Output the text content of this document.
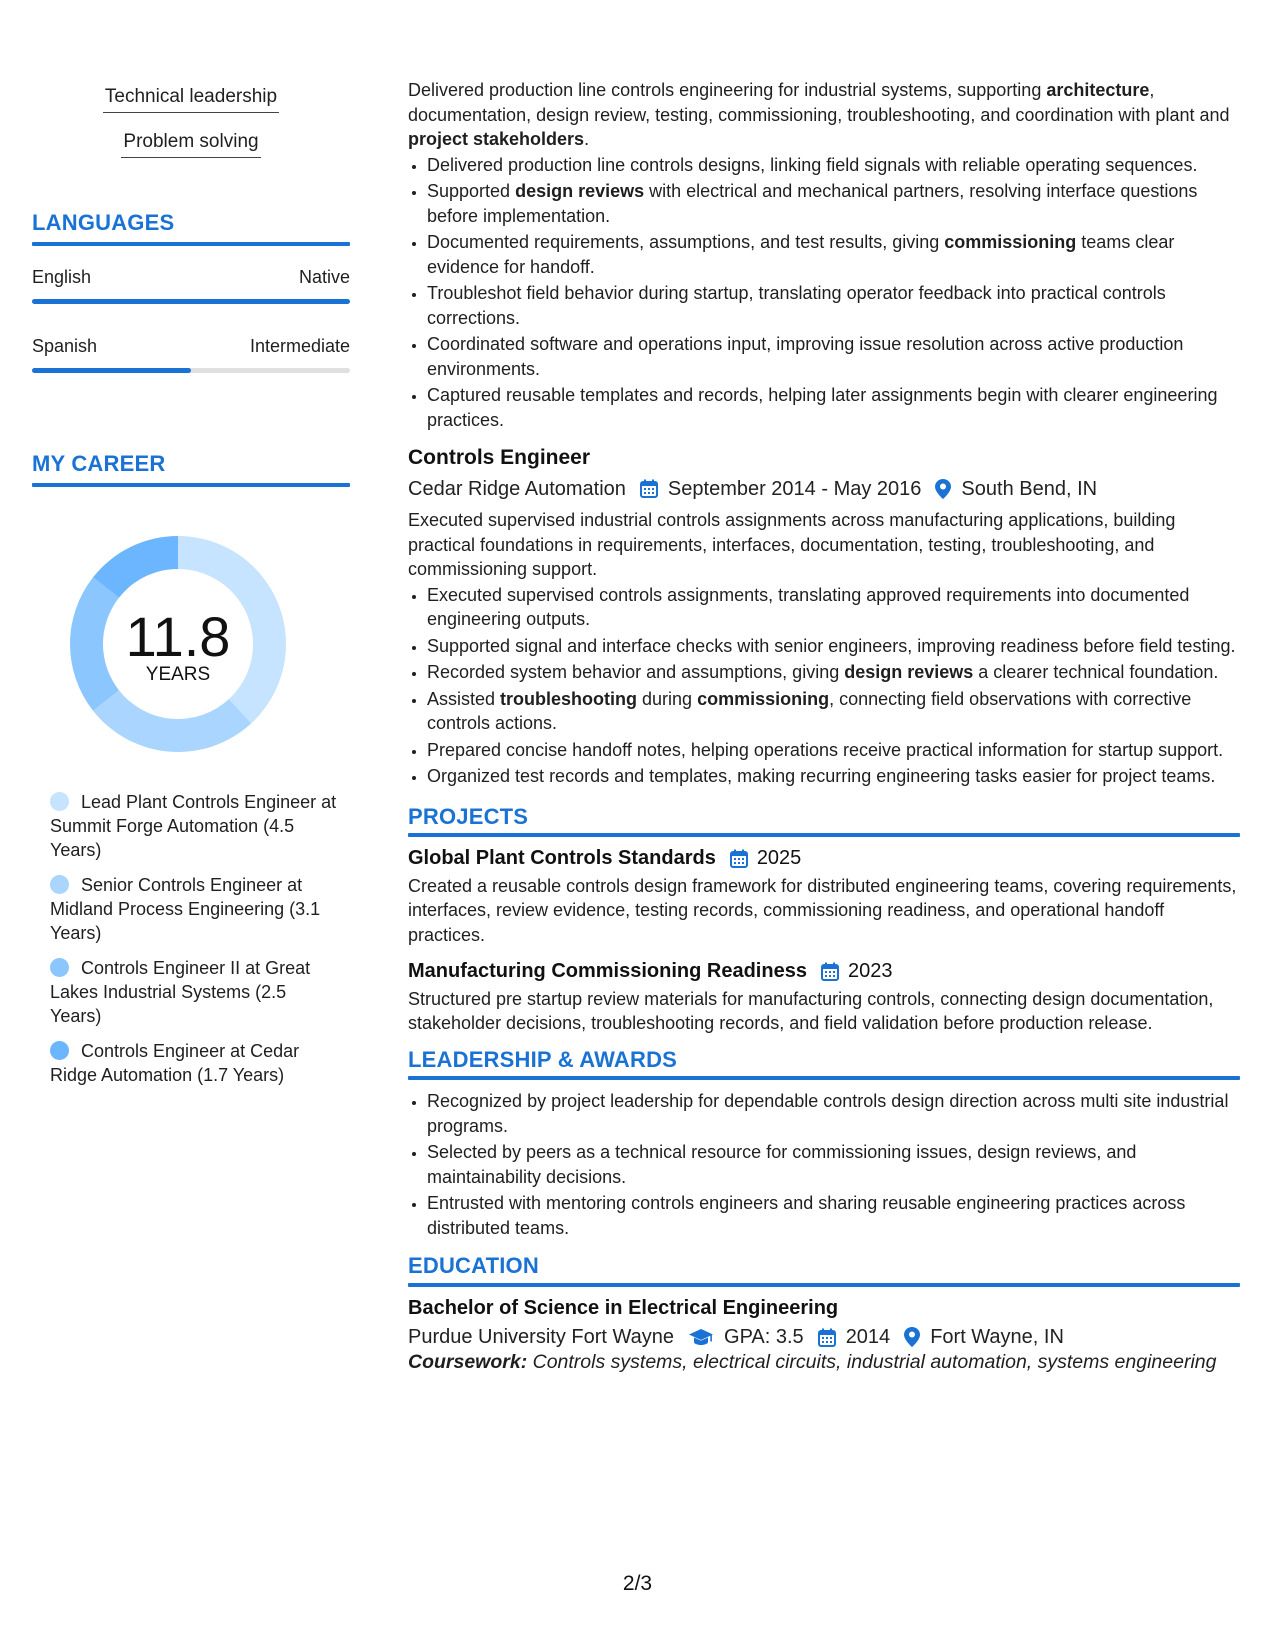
Technical leadership
Problem solving
LANGUAGES
English	Native
Spanish	Intermediate
MY CAREER
11.8
YEARS
Lead Plant Controls Engineer at Summit Forge Automation (4.5 Years)
Senior Controls Engineer at Midland Process Engineering (3.1 Years)
Controls Engineer II at Great Lakes Industrial Systems (2.5 Years)
Controls Engineer at Cedar Ridge Automation (1.7 Years)

Delivered production line controls engineering for industrial systems, supporting architecture, documentation, design review, testing, commissioning, troubleshooting, and coordination with plant and project stakeholders.

• Delivered production line controls designs, linking field signals with reliable operating sequences.
• Supported design reviews with electrical and mechanical partners, resolving interface questions before implementation.
• Documented requirements, assumptions, and test results, giving commissioning teams clear evidence for handoff.
• Troubleshot field behavior during startup, translating operator feedback into practical controls corrections.
• Coordinated software and operations input, improving issue resolution across active production environments.
• Captured reusable templates and records, helping later assignments begin with clearer engineering practices.
Controls Engineer
Cedar Ridge Automation September 2014 - May 2016 South Bend, IN

Executed supervised industrial controls assignments across manufacturing applications, building practical foundations in requirements, interfaces, documentation, testing, troubleshooting, and commissioning support.

• Executed supervised controls assignments, translating approved requirements into documented engineering outputs.
• Supported signal and interface checks with senior engineers, improving readiness before field testing.
• Recorded system behavior and assumptions, giving design reviews a clearer technical foundation.
• Assisted troubleshooting during commissioning, connecting field observations with corrective controls actions.
• Prepared concise handoff notes, helping operations receive practical information for startup support.
• Organized test records and templates, making recurring engineering tasks easier for project teams.
PROJECTS
Global Plant Controls Standards 2025

Created a reusable controls design framework for distributed engineering teams, covering requirements, interfaces, review evidence, testing records, commissioning readiness, and operational handoff practices.

Manufacturing Commissioning Readiness 2023

Structured pre startup review materials for manufacturing controls, connecting design documentation, stakeholder decisions, troubleshooting records, and field validation before production release.

LEADERSHIP & AWARDS
• Recognized by project leadership for dependable controls design direction across multi site industrial programs.
• Selected by peers as a technical resource for commissioning issues, design reviews, and maintainability decisions.
• Entrusted with mentoring controls engineers and sharing reusable engineering practices across distributed teams.
EDUCATION
Bachelor of Science in Electrical Engineering
Purdue University Fort Wayne	GPA: 3.5 2014 Fort Wayne, IN

Coursework: Controls systems, electrical circuits, industrial automation, systems engineering

2/3
